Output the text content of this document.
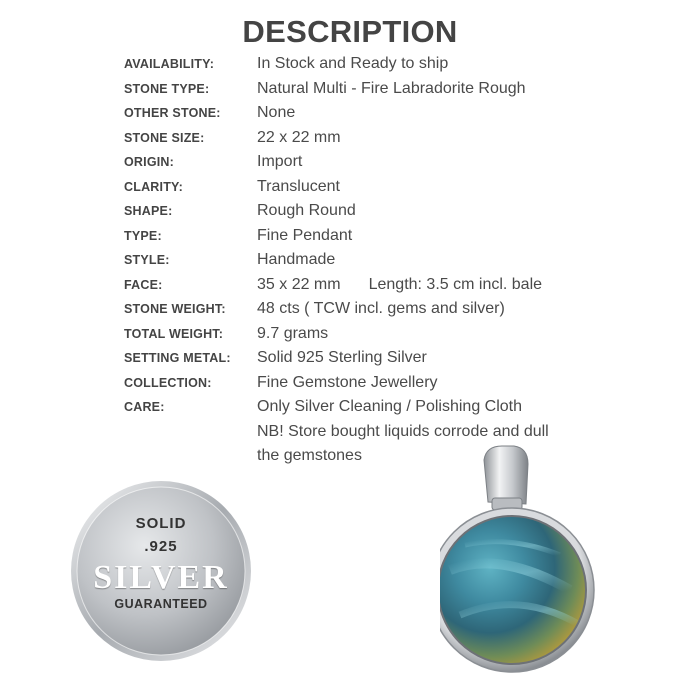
DESCRIPTION
AVAILABILITY:	In Stock and Ready to ship
STONE TYPE:	Natural Multi - Fire Labradorite Rough
OTHER STONE:	None
STONE SIZE:	22 x 22 mm
ORIGIN:	Import
CLARITY:	Translucent
SHAPE:	Rough Round
TYPE:	Fine Pendant
STYLE:	Handmade
FACE:	35 x 22 mm Length: 3.5 cm incl. bale
STONE WEIGHT:	48 cts ( TCW incl. gems and silver)
TOTAL WEIGHT:	9.7 grams
SETTING METAL:	Solid 925 Sterling Silver
COLLECTION:	Fine Gemstone Jewellery
CARE:	Only Silver Cleaning / Polishing Cloth
NB! Store bought liquids corrode and dull
the gemstones
SOLID
.925
SILVER
GUARANTEED
